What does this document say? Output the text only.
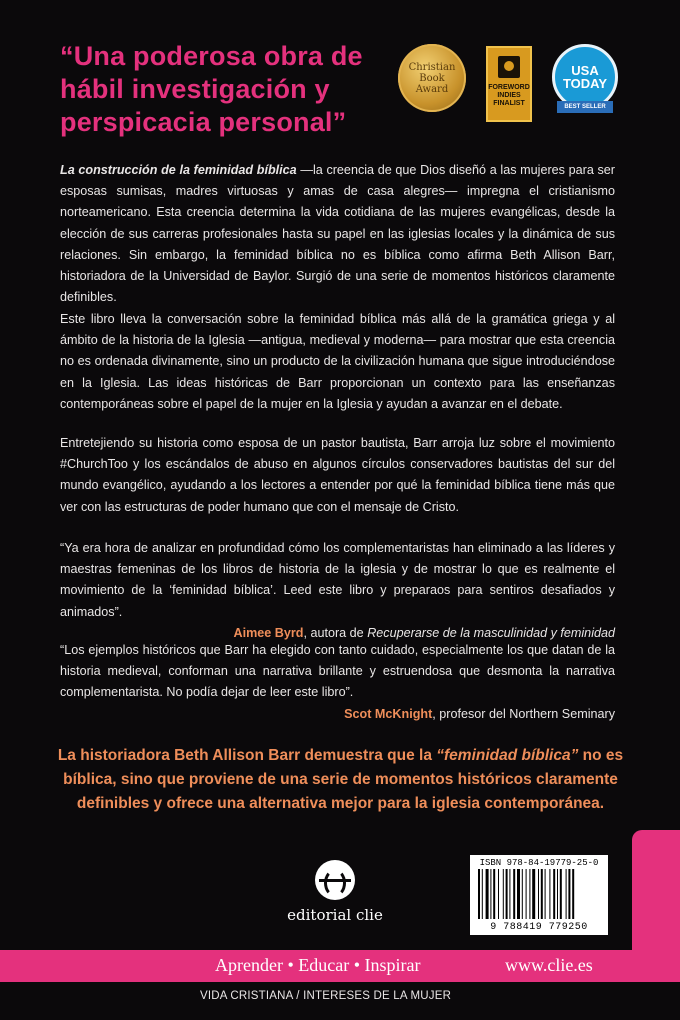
“Una poderosa obra de hábil investigación y perspicacia personal”
Christian
Book
Award	FOREWORD INDIES FINALIST
USA
TODAY
BEST SELLER

La construcción de la feminidad bíblica —la creencia de que Dios diseñó a las mujeres para ser esposas sumisas, madres virtuosas y amas de casa alegres— impregna el cristianismo norteamericano. Esta creencia determina la vida cotidiana de las mujeres evangélicas, desde la elección de sus carreras profesionales hasta su papel en las iglesias locales y la dinámica de sus relaciones. Sin embargo, la feminidad bíblica no es bíblica como afirma Beth Allison Barr, historiadora de la Universidad de Baylor. Surgió de una serie de momentos históricos claramente definibles.

Este libro lleva la conversación sobre la feminidad bíblica más allá de la gramática griega y al ámbito de la historia de la Iglesia —antigua, medieval y moderna— para mostrar que esta creencia no es ordenada divinamente, sino un producto de la civilización humana que sigue introduciéndose en la Iglesia. Las ideas históricas de Barr proporcionan un contexto para las enseñanzas contemporáneas sobre el papel de la mujer en la Iglesia y ayudan a avanzar en el debate.

Entretejiendo su historia como esposa de un pastor bautista, Barr arroja luz sobre el movimiento #ChurchToo y los escándalos de abuso en algunos círculos conservadores bautistas del sur del mundo evangélico, ayudando a los lectores a entender por qué la feminidad bíblica tiene más que ver con las estructuras de poder humano que con el mensaje de Cristo.

“Ya era hora de analizar en profundidad cómo los complementaristas han eliminado a las líderes y maestras femeninas de los libros de historia de la iglesia y de mostrar lo que es realmente el movimiento de la ‘feminidad bíblica’. Leed este libro y preparaos para sentiros desafiados y animados”.

Aimee Byrd, autora de Recuperarse de la masculinidad y feminidad

“Los ejemplos históricos que Barr ha elegido con tanto cuidado, especialmente los que datan de la historia medieval, conforman una narrativa brillante y estruendosa que desmonta la narrativa complementarista. No podía dejar de leer este libro”.

Scot McKnight, profesor del Northern Seminary

La historiadora Beth Allison Barr demuestra que la “feminidad bíblica” no es bíblica, sino que proviene de una serie de momentos históricos claramente definibles y ofrece una alternativa mejor para la iglesia contemporánea.
editorial clie
ISBN 978-84-19779-25-0
9 788419 779250
Aprender • Educar • Inspirar	www.clie.es
VIDA CRISTIANA / INTERESES DE LA MUJER
